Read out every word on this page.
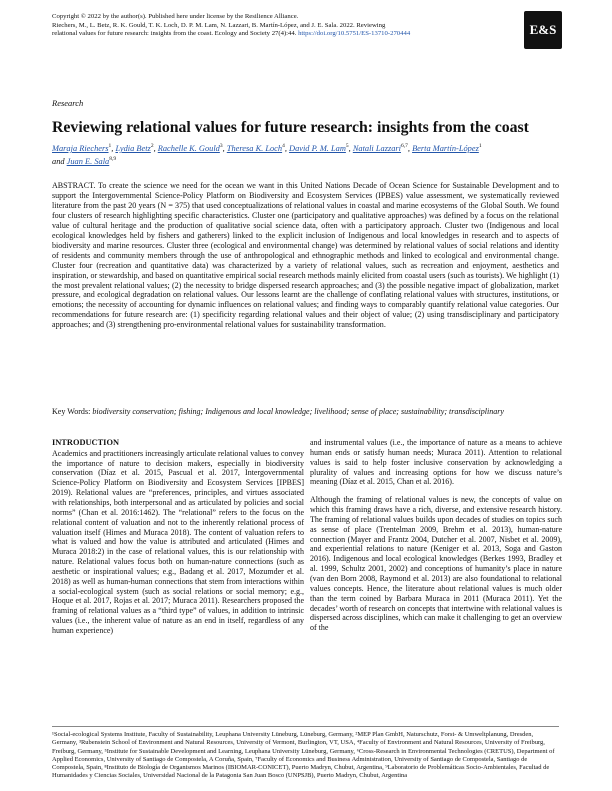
Copyright © 2022 by the author(s). Published here under license by the Resilience Alliance.
Riechers, M., L. Betz, R. K. Gould, T. K. Loch, D. P. M. Lam, N. Lazzari, B. Martín-López, and J. E. Sala. 2022. Reviewing
relational values for future research: insights from the coast. Ecology and Society 27(4):44. https://doi.org/10.5751/ES-13710-270444	E&S
Research
Reviewing relational values for future research: insights from the coast
Maraja Riechers$^1$, Lydia Betz$^2$, Rachelle K. Gould$^3$, Theresa K. Loch$^4$, David P. M. Lam$^5$, Natali Lazzari$^{6,7}$, Berta Martín-López$^1$
and Juan E. Sala$^{8,9}$
ABSTRACT. To create the science we need for the ocean we want in this United Nations Decade of Ocean Science for Sustainable Development and to support the Intergovernmental Science-Policy Platform on Biodiversity and Ecosystem Services (IPBES) value assessment, we systematically reviewed literature from the past 20 years (N = 375) that used conceptualizations of relational values in coastal and marine ecosystems of the Global South. We found four clusters of research highlighting specific characteristics. Cluster one (participatory and qualitative approaches) was defined by a focus on the relational value of cultural heritage and the production of qualitative social science data, often with a participatory approach. Cluster two (Indigenous and local ecological knowledges held by fishers and gatherers) linked to the explicit inclusion of Indigenous and local knowledges in research and to aspects of biodiversity and marine resources. Cluster three (ecological and environmental change) was determined by relational values of social relations and identity of residents and community members through the use of anthropological and ethnographic methods and linked to ecological and environmental change. Cluster four (recreation and quantitative data) was characterized by a variety of relational values, such as recreation and enjoyment, aesthetics and inspiration, or stewardship, and based on quantitative empirical social research methods mainly elicited from coastal users (such as tourists). We highlight (1) the most prevalent relational values; (2) the necessity to bridge dispersed research approaches; and (3) the possible negative impact of globalization, market pressure, and ecological degradation on relational values. Our lessons learnt are the challenge of conflating relational values with structures, institutions, or emotions; the necessity of accounting for dynamic influences on relational values; and finding ways to comparably quantify relational value categories. Our recommendations for future research are: (1) specificity regarding relational values and their object of value; (2) using transdisciplinary and participatory approaches; and (3) strengthening pro-environmental relational values for sustainability transformation.
Key Words: biodiversity conservation; fishing; Indigenous and local knowledge; livelihood; sense of place; sustainability; transdisciplinary
INTRODUCTION

Academics and practitioners increasingly articulate relational values to convey the importance of nature to decision makers, especially in biodiversity conservation (Díaz et al. 2015, Pascual et al. 2017, Intergovernmental Science-Policy Platform on Biodiversity and Ecosystem Services [IPBES] 2019). Relational values are “preferences, principles, and virtues associated with relationships, both interpersonal and as articulated by policies and social norms” (Chan et al. 2016:1462). The “relational” refers to the focus on the relational content of valuation and not to the inherently relational process of valuation itself (Himes and Muraca 2018). The content of valuation refers to what is valued and how the value is attributed and articulated (Himes and Muraca 2018:2) in the case of relational values, this is our relationship with nature. Relational values focus both on human-nature connections (such as aesthetic or inspirational values; e.g., Badang et al. 2017, Mozumder et al. 2018) as well as human-human connections that stem from interactions within a social-ecological system (such as social relations or social memory; e.g., Hoque et al. 2017, Rojas et al. 2017; Muraca 2011). Researchers proposed the framing of relational values as a “third type” of values, in addition to intrinsic values (i.e., the inherent value of nature as an end in itself, regardless of any human experience)

and instrumental values (i.e., the importance of nature as a means to achieve human ends or satisfy human needs; Muraca 2011). Attention to relational values is said to help foster inclusive conservation by acknowledging a plurality of values and increasing options for how we discuss nature’s meaning (Díaz et al. 2015, Chan et al. 2016).

Although the framing of relational values is new, the concepts of value on which this framing draws have a rich, diverse, and extensive research history. The framing of relational values builds upon decades of studies on topics such as sense of place (Trentelman 2009, Brehm et al. 2013), human-nature connection (Mayer and Frantz 2004, Dutcher et al. 2007, Nisbet et al. 2009), and experiential relations to nature (Keniger et al. 2013, Soga and Gaston 2016). Indigenous and local ecological knowledges (Berkes 1993, Bradley et al. 1999, Schultz 2001, 2002) and conceptions of humanity’s place in nature (van den Born 2008, Raymond et al. 2013) are also foundational to relational values concepts. Hence, the literature about relational values is much older than the term coined by Barbara Muraca in 2011 (Muraca 2011). Yet the decades’ worth of research on concepts that intertwine with relational values is dispersed across disciplines, which can make it challenging to get an overview of the

¹Social-ecological Systems Institute, Faculty of Sustainability, Leuphana University Lüneburg, Lüneburg, Germany, ²MEP Plan GmbH, Naturschutz, Forst- & Umweltplanung, Dresden, Germany, ³Rubenstein School of Environment and Natural Resources, University of Vermont, Burlington, VT, USA, ⁴Faculty of Environment and Natural Resources, University of Freiburg, Freiburg, Germany, ⁵Institute for Sustainable Development and Learning, Leuphana University Lüneburg, Germany, ⁶Cross-Research in Environmental Technologies (CRETUS), Department of Applied Economics, University of Santiago de Compostela, A Coruña, Spain, ⁷Faculty of Economics and Business Administration, University of Santiago de Compostela, Santiago de Compostela, Spain, ⁸Instituto de Biología de Organismos Marinos (IBIOMAR-CONICET), Puerto Madryn, Chubut, Argentina, ⁹Laboratorio de Problemáticas Socio-Ambientales, Facultad de Humanidades y Ciencias Sociales, Universidad Nacional de la Patagonia San Juan Bosco (UNPSJB), Puerto Madryn, Chubut, Argentina
